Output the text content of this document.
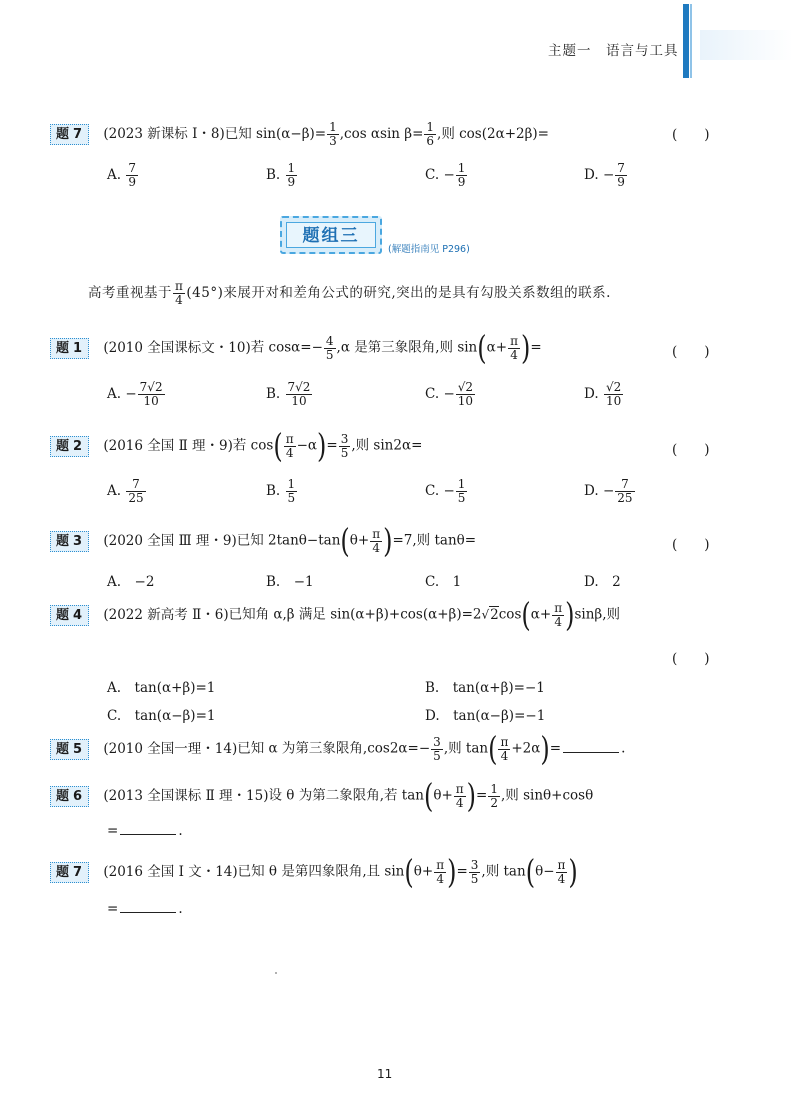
主题一　语言与工具
题7 (2023 新课标 Ⅰ・8)已知 $\sin(\alpha-\beta)= \frac{1}{3} ,\cos$ αsin $\beta= \frac{1}{6}$ ,则 cos(2α+2β)=	(　　)
A. $\frac{7}{9}$	B. $\frac{1}{9}$	C. − $\frac{1}{9}$	D. − $\frac{7}{9}$
题组三
(解题指南见 P296)
高考重视基于 $\frac{\pi}{4} (45^\circ)$来展开对和差角公式的研究,突出的是具有勾股关系数组的联系.
题1 (2010 全国课标文・10)若 $\cos\alpha=- \frac{4}{5} ,\alpha$ 是第三象限角,则 $\sin(\alpha+ \frac{\pi}{4}$ )=	(　　)
A. − $\frac{7√2}{10}$	B. $\frac{7√2}{10}$	C. − $\frac{√2}{10}$	D. $\frac{√2}{10}$
题2 (2016 全国 Ⅱ 理・9)若 $\cos( \frac{\pi}{4} -\alpha)= \frac{3}{5}$ ,则 sin2α=	(　　)
A. $\frac{7}{25}$	B. $\frac{1}{5}$	C. − $\frac{1}{5}$	D. − $\frac{7}{25}$
题3 (2020 全国 Ⅲ 理・9)已知 $2\tan\theta-\tan(\theta+ \frac{\pi}{4} )=7$,则 tanθ=	(　　)
A.　−2	B.　−1	C.　1	D.　2
题4 (2022 新高考 Ⅱ・6)已知角 α,β 满足 $\sin(\alpha+\beta)+\cos(\alpha+\beta)=2√2\cos(\alpha+ \frac{\pi}{4} )\sin\beta$,则
(　　)
A.　tan(α+β)=1	B.　tan(α+β)=−1
C.　tan(α−β)=1	D.　tan(α−β)=−1
题5 (2010 全国一理・14)已知 α 为第三象限角$,\cos 2\alpha=- \frac{3}{5}$ ,则 $\tan( \frac{\pi}{4} +2\alpha)=$	.
题6 (2013 全国课标 Ⅱ 理・15)设 θ 为第二象限角,若 $\tan(\theta+ \frac{\pi}{4}$ )= $\frac{1}{2}$ ,则 sinθ+cosθ
=	.
题7 (2016 全国 Ⅰ 文・14)已知 θ 是第四象限角,且 $\sin(\theta+ \frac{\pi}{4}$ )= $\frac{3}{5}$ ,则 $\tan(\theta- \frac{\pi}{4}$ )
=	.
11
